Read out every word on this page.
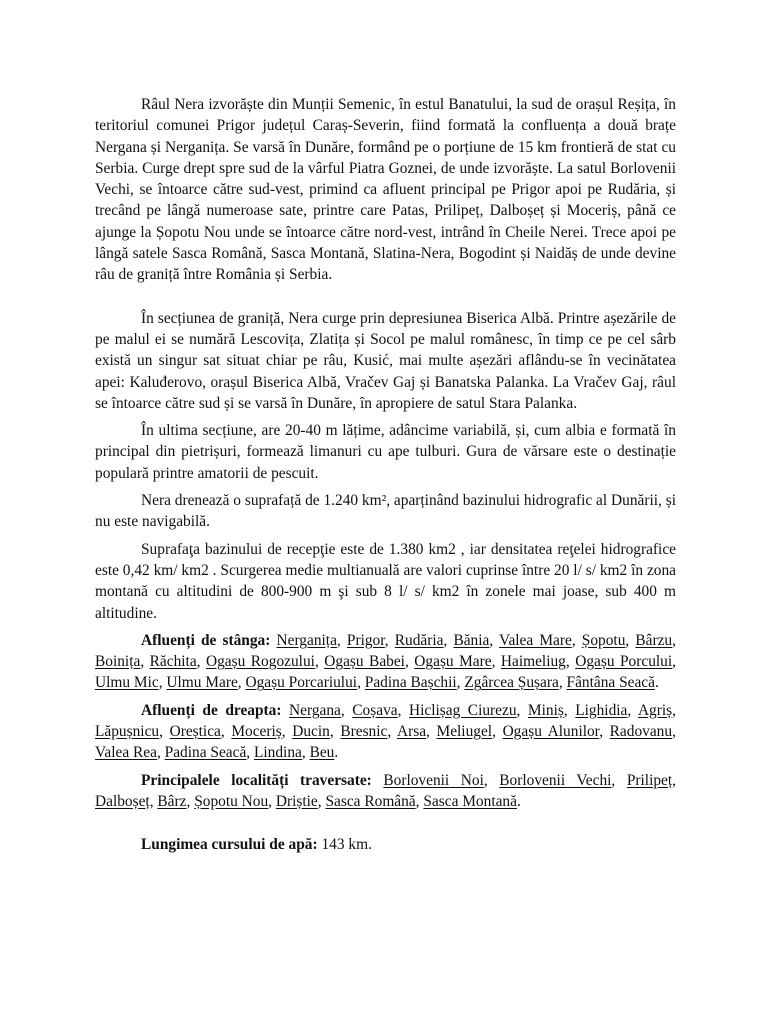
Râul Nera izvorăște din Munții Semenic, în estul Banatului, la sud de orașul Reșița, în teritoriul comunei Prigor județul Caraș-Severin, fiind formată la confluența a două brațe Nergana și Nerganița. Se varsă în Dunăre, formând pe o porțiune de 15 km frontieră de stat cu Serbia. Curge drept spre sud de la vârful Piatra Goznei, de unde izvorăște. La satul Borlovenii Vechi, se întoarce către sud-vest, primind ca afluent principal pe Prigor apoi pe Rudăria, și trecând pe lângă numeroase sate, printre care Patas, Prilipeț, Dalboșeț și Moceriș, până ce ajunge la Șopotu Nou unde se întoarce către nord-vest, intrând în Cheile Nerei. Trece apoi pe lângă satele Sasca Română, Sasca Montană, Slatina-Nera, Bogodint și Naidăș de unde devine râu de graniță între România și Serbia.

În secțiunea de graniță, Nera curge prin depresiunea Biserica Albă. Printre așezările de pe malul ei se numără Lescovița, Zlatița și Socol pe malul românesc, în timp ce pe cel sârb există un singur sat situat chiar pe râu, Kusić, mai multe așezări aflându-se în vecinătatea apei: Kaluđerovo, orașul Biserica Albă, Vračev Gaj și Banatska Palanka. La Vračev Gaj, râul se întoarce către sud și se varsă în Dunăre, în apropiere de satul Stara Palanka.

În ultima secțiune, are 20-40 m lățime, adâncime variabilă, și, cum albia e formată în principal din pietrișuri, formează limanuri cu ape tulburi. Gura de vărsare este o destinație populară printre amatorii de pescuit.

Nera drenează o suprafață de 1.240 km², aparținând bazinului hidrografic al Dunării, și nu este navigabilă.

Suprafaţa bazinului de recepţie este de 1.380 km2 , iar densitatea reţelei hidrografice este 0,42 km/ km2 . Scurgerea medie multianuală are valori cuprinse între 20 l/ s/ km2 în zona montană cu altitudini de 800-900 m şi sub 8 l/ s/ km2 în zonele mai joase, sub 400 m altitudine.

Afluenți de stânga: Nerganița, Prigor, Rudăria, Bănia, Valea Mare, Șopotu, Bârzu, Boinița, Răchita, Ogașu Rogozului, Ogașu Babei, Ogașu Mare, Haimeliug, Ogașu Porcului, Ulmu Mic, Ulmu Mare, Ogașu Porcariului, Padina Bașchii, Zgârcea Șușara, Fântâna Seacă.

Afluenți de dreapta: Nergana, Coșava, Hiclișag Ciurezu, Miniș, Lighidia, Agriș, Lăpușnicu, Oreștica, Moceriș, Ducin, Bresnic, Arsa, Meliugel, Ogașu Alunilor, Radovanu, Valea Rea, Padina Seacă, Lindina, Beu.

Principalele localități traversate: Borlovenii Noi, Borlovenii Vechi, Prilipeț, Dalboșeț, Bârz, Șopotu Nou, Driștie, Sasca Română, Sasca Montană.

Lungimea cursului de apă: 143 km.
